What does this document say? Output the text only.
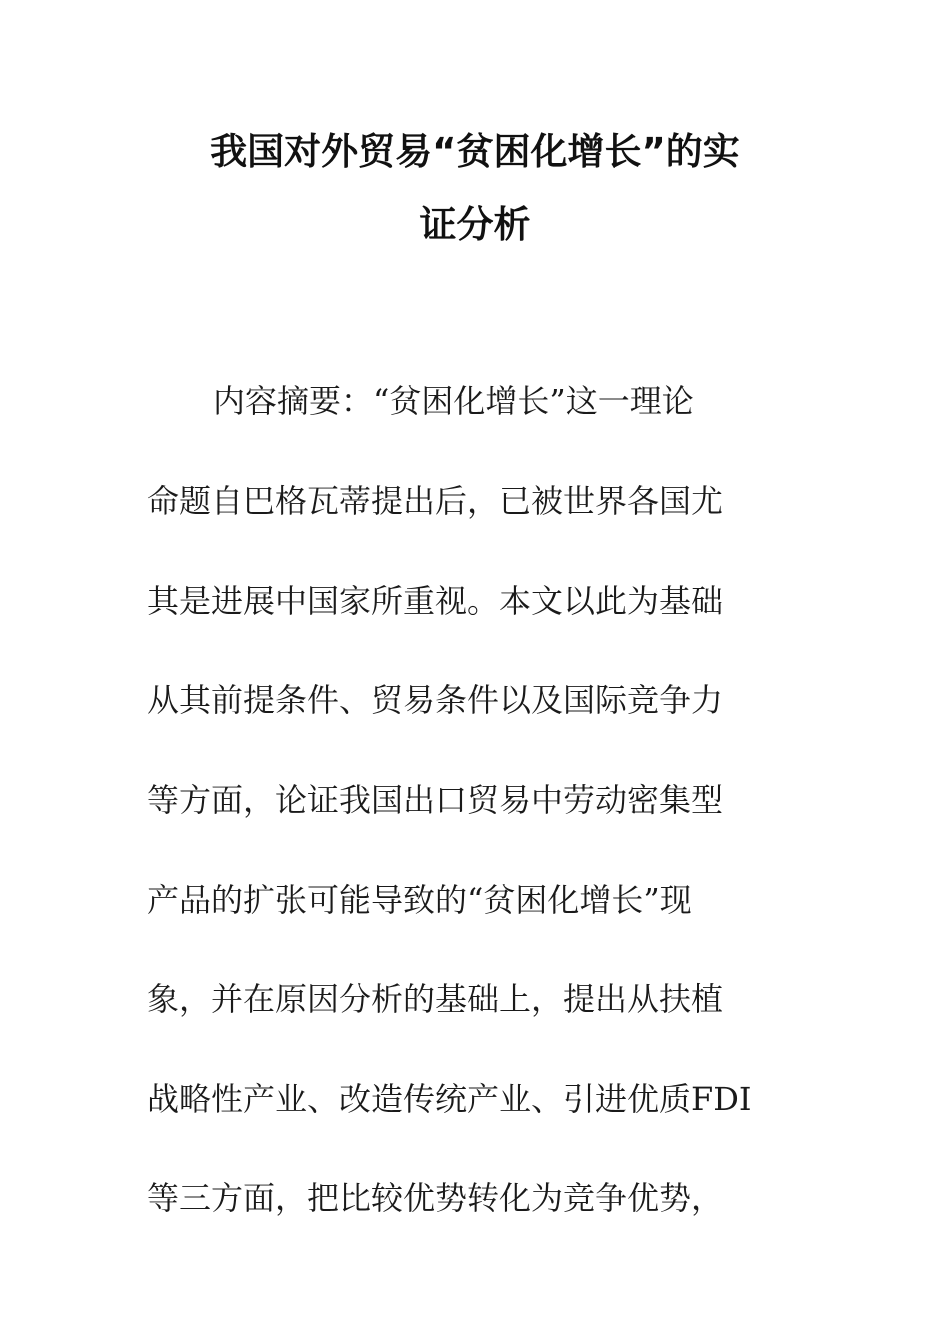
我国对外贸易“贫困化增长”的实
证分析

内容摘要：“贫困化增长”这一理论

命题自巴格瓦蒂提出后，已被世界各国尤

其是进展中国家所重视。本文以此为基础

从其前提条件、贸易条件以及国际竞争力

等方面，论证我国出口贸易中劳动密集型

产品的扩张可能导致的“贫困化增长”现

象，并在原因分析的基础上，提出从扶植

战略性产业、改造传统产业、引进优质FDI

等三方面，把比较优势转化为竞争优势，
